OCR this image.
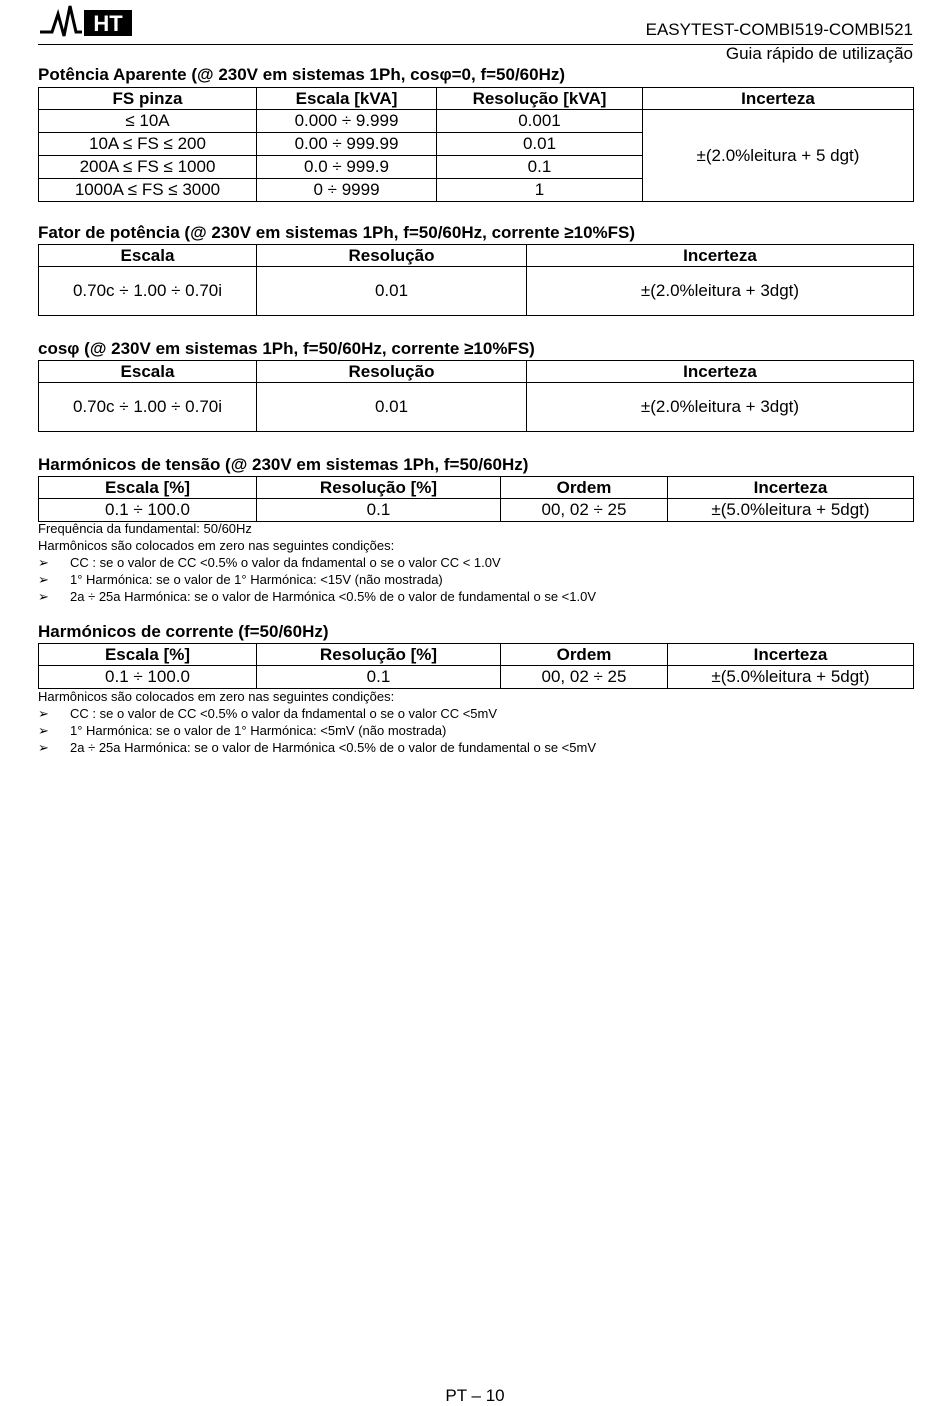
HT	EASYTEST-COMBI519-COMBI521
Guia rápido de utilização
Potência Aparente (@ 230V em sistemas 1Ph, cosφ=0, f=50/60Hz)
FS pinza	Escala [kVA]	Resolução [kVA]	Incerteza
≤ 10A	0.000 ÷ 9.999	0.001	±(2.0%leitura + 5 dgt)
10A ≤ FS ≤ 200	0.00 ÷ 999.99	0.01	
200A ≤ FS ≤ 1000	0.0 ÷ 999.9	0.1	
1000A ≤ FS ≤ 3000	0 ÷ 9999	1	
Fator de potência (@ 230V em sistemas 1Ph, f=50/60Hz, corrente ≥10%FS)
Escala	Resolução	Incerteza
0.70c ÷ 1.00 ÷ 0.70i	0.01	±(2.0%leitura + 3dgt)
cosφ (@ 230V em sistemas 1Ph, f=50/60Hz, corrente ≥10%FS)
Escala	Resolução	Incerteza
0.70c ÷ 1.00 ÷ 0.70i	0.01	±(2.0%leitura + 3dgt)
Harmónicos de tensão (@ 230V em sistemas 1Ph, f=50/60Hz)
Escala [%]	Resolução [%]	Ordem	Incerteza
0.1 ÷ 100.0	0.1	00, 02 ÷ 25	±(5.0%leitura + 5dgt)
Frequência da fundamental: 50/60Hz
Harmônicos são colocados em zero nas seguintes condições:
➢ CC : se o valor de CC <0.5% o valor da fndamental o se o valor CC < 1.0V
➢ 1° Harmónica: se o valor de 1° Harmónica: <15V (não mostrada)
➢ 2a ÷ 25a Harmónica: se o valor de Harmónica <0.5% de o valor de fundamental o se <1.0V
Harmónicos de corrente (f=50/60Hz)
Escala [%]	Resolução [%]	Ordem	Incerteza
0.1 ÷ 100.0	0.1	00, 02 ÷ 25	±(5.0%leitura + 5dgt)
Harmônicos são colocados em zero nas seguintes condições:
➢ CC : se o valor de CC <0.5% o valor da fndamental o se o valor CC <5mV
➢ 1° Harmónica: se o valor de 1° Harmónica: <5mV (não mostrada)
➢ 2a ÷ 25a Harmónica: se o valor de Harmónica <0.5% de o valor de fundamental o se <5mV
PT – 10
